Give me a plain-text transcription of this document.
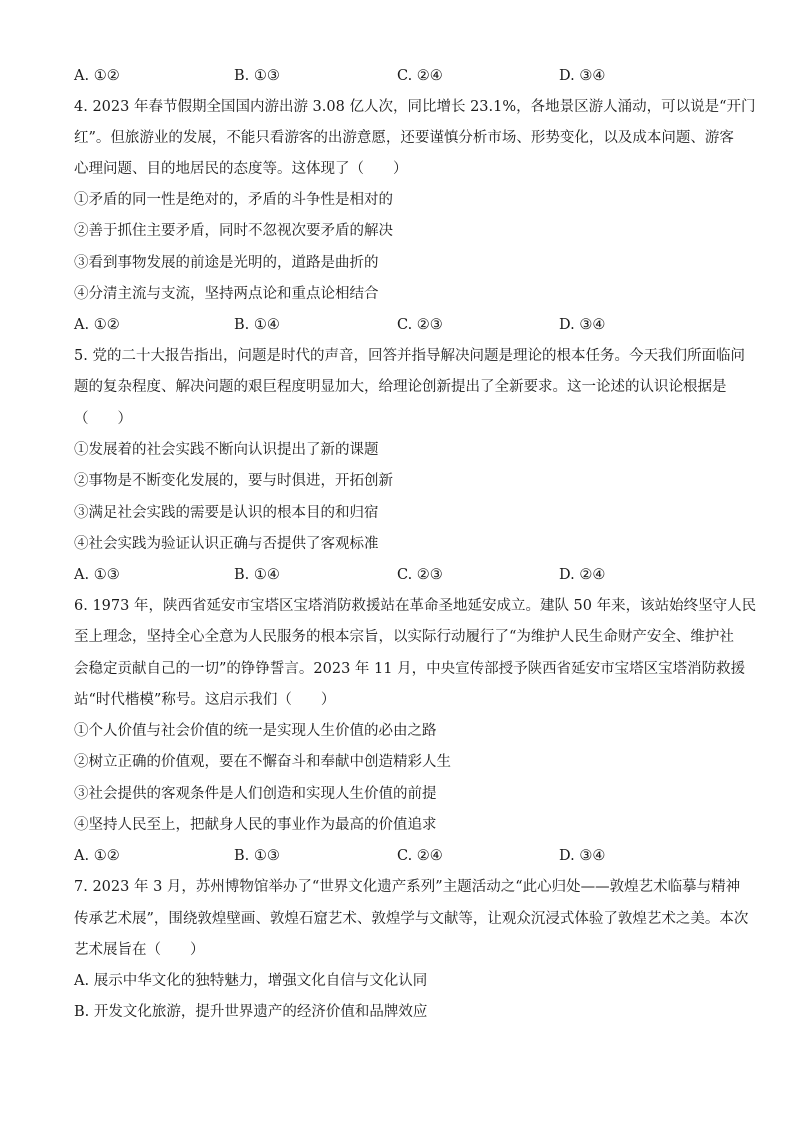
A. ①②	B. ①③	C. ②④	D. ③④
4. 2023 年春节假期全国国内游出游 3.08 亿人次，同比增长 23.1%，各地景区游人涌动，可以说是“开门
红”。但旅游业的发展，不能只看游客的出游意愿，还要谨慎分析市场、形势变化，以及成本问题、游客
心理问题、目的地居民的态度等。这体现了（　　）
①矛盾的同一性是绝对的，矛盾的斗争性是相对的
②善于抓住主要矛盾，同时不忽视次要矛盾的解决
③看到事物发展的前途是光明的，道路是曲折的
④分清主流与支流，坚持两点论和重点论相结合
A. ①②	B. ①④	C. ②③	D. ③④
5. 党的二十大报告指出，问题是时代的声音，回答并指导解决问题是理论的根本任务。今天我们所面临问
题的复杂程度、解决问题的艰巨程度明显加大，给理论创新提出了全新要求。这一论述的认识论根据是
（　　）
①发展着的社会实践不断向认识提出了新的课题
②事物是不断变化发展的，要与时俱进，开拓创新
③满足社会实践的需要是认识的根本目的和归宿
④社会实践为验证认识正确与否提供了客观标准
A. ①③	B. ①④	C. ②③	D. ②④
6. 1973 年，陕西省延安市宝塔区宝塔消防救援站在革命圣地延安成立。建队 50 年来，该站始终坚守人民
至上理念，坚持全心全意为人民服务的根本宗旨，以实际行动履行了“为维护人民生命财产安全、维护社
会稳定贡献自己的一切”的铮铮誓言。2023 年 11 月，中央宣传部授予陕西省延安市宝塔区宝塔消防救援
站“时代楷模”称号。这启示我们（　　）
①个人价值与社会价值的统一是实现人生价值的必由之路
②树立正确的价值观，要在不懈奋斗和奉献中创造精彩人生
③社会提供的客观条件是人们创造和实现人生价值的前提
④坚持人民至上，把献身人民的事业作为最高的价值追求
A. ①②	B. ①③	C. ②④	D. ③④
7. 2023 年 3 月，苏州博物馆举办了“世界文化遗产系列”主题活动之“此心归处——敦煌艺术临摹与精神
传承艺术展”，围绕敦煌壁画、敦煌石窟艺术、敦煌学与文献等，让观众沉浸式体验了敦煌艺术之美。本次
艺术展旨在（　　）
A. 展示中华文化的独特魅力，增强文化自信与文化认同
B. 开发文化旅游，提升世界遗产的经济价值和品牌效应
